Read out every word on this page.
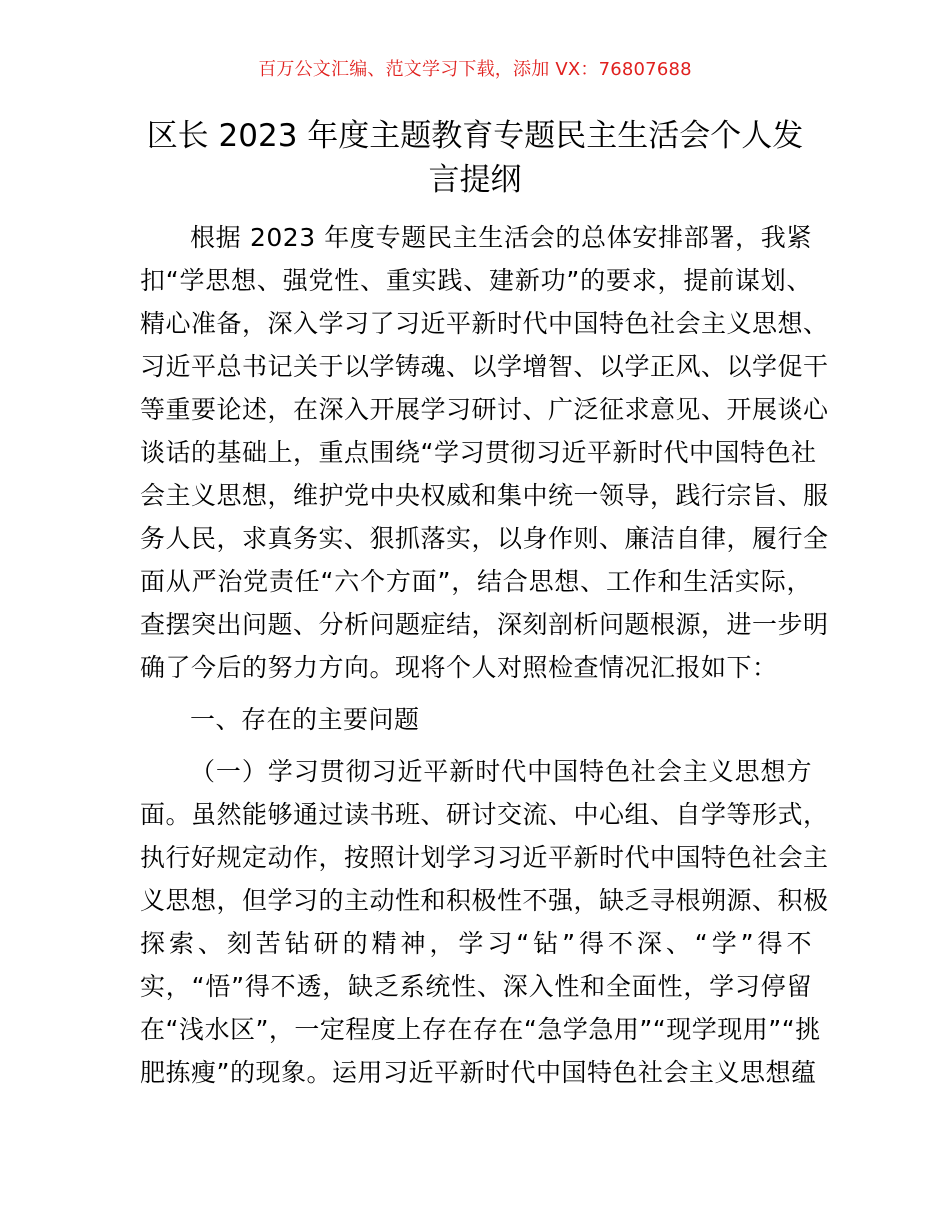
百万公文汇编、范文学习下载，添加 VX：76807688
区长 2023 年度主题教育专题民主生活会个人发
言提纲
根据 2023 年度专题民主生活会的总体安排部署，我紧
扣“学思想、强党性、重实践、建新功”的要求，提前谋划、
精心准备，深入学习了习近平新时代中国特色社会主义思想、
习近平总书记关于以学铸魂、以学增智、以学正风、以学促干
等重要论述，在深入开展学习研讨、广泛征求意见、开展谈心
谈话的基础上，重点围绕“学习贯彻习近平新时代中国特色社
会主义思想，维护党中央权威和集中统一领导，践行宗旨、服
务人民，求真务实、狠抓落实，以身作则、廉洁自律，履行全
面从严治党责任“六个方面”，结合思想、工作和生活实际，
查摆突出问题、分析问题症结，深刻剖析问题根源，进一步明
确了今后的努力方向。现将个人对照检查情况汇报如下：
一、存在的主要问题
（一）学习贯彻习近平新时代中国特色社会主义思想方
面。虽然能够通过读书班、研讨交流、中心组、自学等形式，
执行好规定动作，按照计划学习习近平新时代中国特色社会主
义思想，但学习的主动性和积极性不强，缺乏寻根朔源、积极
探索、刻苦钻研的精神，学习“钻”得不深、“学”得不
实，“悟”得不透，缺乏系统性、深入性和全面性，学习停留
在“浅水区”，一定程度上存在存在“急学急用”“现学现用”“挑
肥拣瘦”的现象。运用习近平新时代中国特色社会主义思想蕴
